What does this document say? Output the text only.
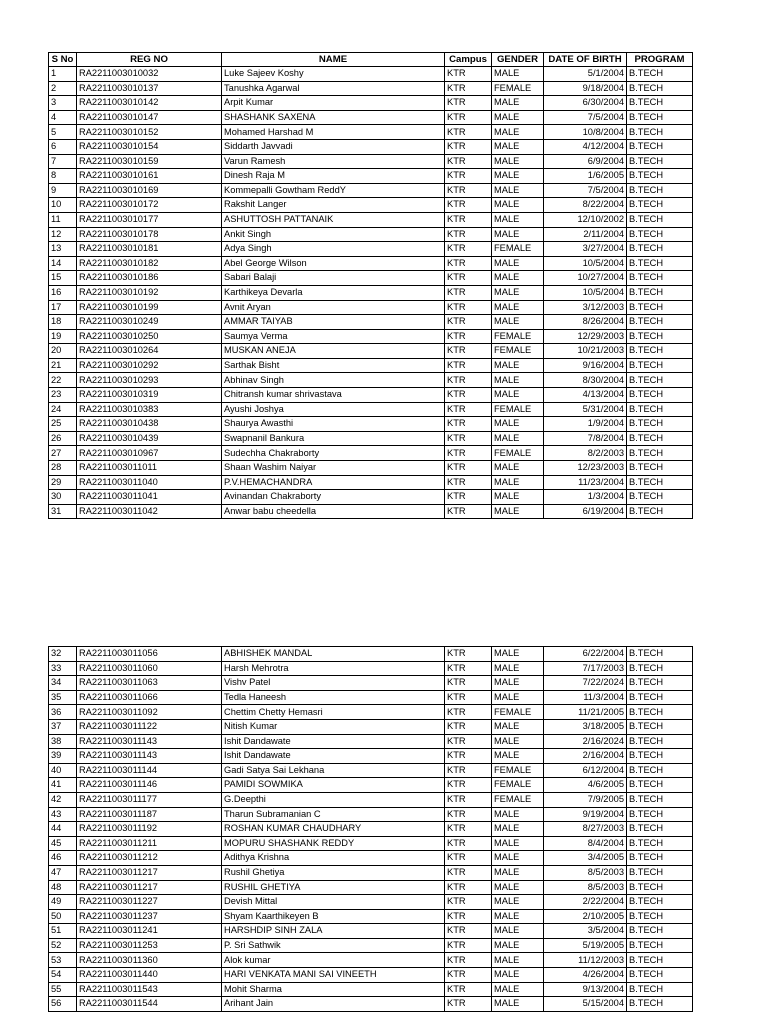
S No	REG NO	NAME	Campus	GENDER	DATE OF BIRTH	PROGRAM
1	RA2211003010032	Luke Sajeev Koshy	KTR	MALE	5/1/2004	B.TECH
2	RA2211003010137	Tanushka Agarwal	KTR	FEMALE	9/18/2004	B.TECH
3	RA2211003010142	Arpit Kumar	KTR	MALE	6/30/2004	B.TECH
4	RA2211003010147	SHASHANK SAXENA	KTR	MALE	7/5/2004	B.TECH
5	RA2211003010152	Mohamed Harshad M	KTR	MALE	10/8/2004	B.TECH
6	RA2211003010154	Siddarth Javvadi	KTR	MALE	4/12/2004	B.TECH
7	RA2211003010159	Varun Ramesh	KTR	MALE	6/9/2004	B.TECH
8	RA2211003010161	Dinesh Raja M	KTR	MALE	1/6/2005	B.TECH
9	RA2211003010169	Kommepalli Gowtham ReddY	KTR	MALE	7/5/2004	B.TECH
10	RA2211003010172	Rakshit Langer	KTR	MALE	8/22/2004	B.TECH
11	RA2211003010177	ASHUTTOSH PATTANAIK	KTR	MALE	12/10/2002	B.TECH
12	RA2211003010178	Ankit Singh	KTR	MALE	2/11/2004	B.TECH
13	RA2211003010181	Adya Singh	KTR	FEMALE	3/27/2004	B.TECH
14	RA2211003010182	Abel George Wilson	KTR	MALE	10/5/2004	B.TECH
15	RA2211003010186	Sabari Balaji	KTR	MALE	10/27/2004	B.TECH
16	RA2211003010192	Karthikeya Devarla	KTR	MALE	10/5/2004	B.TECH
17	RA2211003010199	Avnit Aryan	KTR	MALE	3/12/2003	B.TECH
18	RA2211003010249	AMMAR TAIYAB	KTR	MALE	8/26/2004	B.TECH
19	RA2211003010250	Saumya Verma	KTR	FEMALE	12/29/2003	B.TECH
20	RA2211003010264	MUSKAN ANEJA	KTR	FEMALE	10/21/2003	B.TECH
21	RA2211003010292	Sarthak Bisht	KTR	MALE	9/16/2004	B.TECH
22	RA2211003010293	Abhinav Singh	KTR	MALE	8/30/2004	B.TECH
23	RA2211003010319	Chitransh kumar shrivastava	KTR	MALE	4/13/2004	B.TECH
24	RA2211003010383	Ayushi Joshya	KTR	FEMALE	5/31/2004	B.TECH
25	RA2211003010438	Shaurya Awasthi	KTR	MALE	1/9/2004	B.TECH
26	RA2211003010439	Swapnanil Bankura	KTR	MALE	7/8/2004	B.TECH
27	RA2211003010967	Sudechha Chakraborty	KTR	FEMALE	8/2/2003	B.TECH
28	RA2211003011011	Shaan Washim Naiyar	KTR	MALE	12/23/2003	B.TECH
29	RA2211003011040	P.V.HEMACHANDRA	KTR	MALE	11/23/2004	B.TECH
30	RA2211003011041	Avinandan Chakraborty	KTR	MALE	1/3/2004	B.TECH
31	RA2211003011042	Anwar babu cheedella	KTR	MALE	6/19/2004	B.TECH
32	RA2211003011056	ABHISHEK MANDAL	KTR	MALE	6/22/2004	B.TECH
33	RA2211003011060	Harsh Mehrotra	KTR	MALE	7/17/2003	B.TECH
34	RA2211003011063	Vishv Patel	KTR	MALE	7/22/2024	B.TECH
35	RA2211003011066	Tedla Haneesh	KTR	MALE	11/3/2004	B.TECH
36	RA2211003011092	Chettim Chetty Hemasri	KTR	FEMALE	11/21/2005	B.TECH
37	RA2211003011122	Nitish Kumar	KTR	MALE	3/18/2005	B.TECH
38	RA2211003011143	Ishit Dandawate	KTR	MALE	2/16/2024	B.TECH
39	RA2211003011143	Ishit Dandawate	KTR	MALE	2/16/2004	B.TECH
40	RA2211003011144	Gadi Satya Sai Lekhana	KTR	FEMALE	6/12/2004	B.TECH
41	RA2211003011146	PAMIDI SOWMIKA	KTR	FEMALE	4/6/2005	B.TECH
42	RA2211003011177	G.Deepthi	KTR	FEMALE	7/9/2005	B.TECH
43	RA2211003011187	Tharun Subramanian C	KTR	MALE	9/19/2004	B.TECH
44	RA2211003011192	ROSHAN KUMAR CHAUDHARY	KTR	MALE	8/27/2003	B.TECH
45	RA2211003011211	MOPURU SHASHANK REDDY	KTR	MALE	8/4/2004	B.TECH
46	RA2211003011212	Adithya Krishna	KTR	MALE	3/4/2005	B.TECH
47	RA2211003011217	Rushil Ghetiya	KTR	MALE	8/5/2003	B.TECH
48	RA2211003011217	RUSHIL GHETIYA	KTR	MALE	8/5/2003	B.TECH
49	RA2211003011227	Devish Mittal	KTR	MALE	2/22/2004	B.TECH
50	RA2211003011237	Shyam Kaarthikeyen B	KTR	MALE	2/10/2005	B.TECH
51	RA2211003011241	HARSHDIP SINH ZALA	KTR	MALE	3/5/2004	B.TECH
52	RA2211003011253	P. Sri Sathwik	KTR	MALE	5/19/2005	B.TECH
53	RA2211003011360	Alok kumar	KTR	MALE	11/12/2003	B.TECH
54	RA2211003011440	HARI VENKATA MANI SAI VINEETH	KTR	MALE	4/26/2004	B.TECH
55	RA2211003011543	Mohit Sharma	KTR	MALE	9/13/2004	B.TECH
56	RA2211003011544	Arihant Jain	KTR	MALE	5/15/2004	B.TECH
